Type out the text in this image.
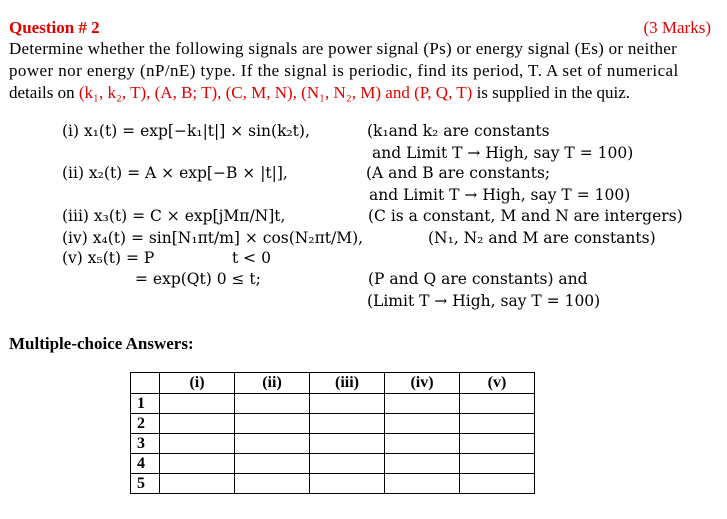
Question # 2	(3 Marks)
Determine whether the following signals are power signal (Ps) or energy signal (Es) or neither
power nor energy (nP/nE) type. If the signal is periodic, find its period, T. A set of numerical
details on (k₁, k₂, T), (A, B; T), (C, M, N), (N₁, N₂, M) and (P, Q, T) is supplied in the quiz.
(i) x₁(t) = exp[−k₁|t|] × sin(k₂t),	(k₁and k₂ are constants
and Limit T → High, say T = 100)
(ii) x₂(t) = A × exp[−B × |t|],	(A and B are constants;
and Limit T → High, say T = 100)
(iii) x₃(t) = C × exp[jMπ/N]t,	(C is a constant, M and N are intergers)
(iv) x₄(t) = sin[N₁πt/m] × cos(N₂πt/M),	(N₁, N₂ and M are constants)
(v) x₅(t) = P	t < 0
= exp(Qt) 0 ≤ t;	(P and Q are constants) and
(Limit T → High, say T = 100)
Multiple-choice Answers:
	(i)	(ii)	(iii)	(iv)	(v)
1					
2					
3					
4					
5					
